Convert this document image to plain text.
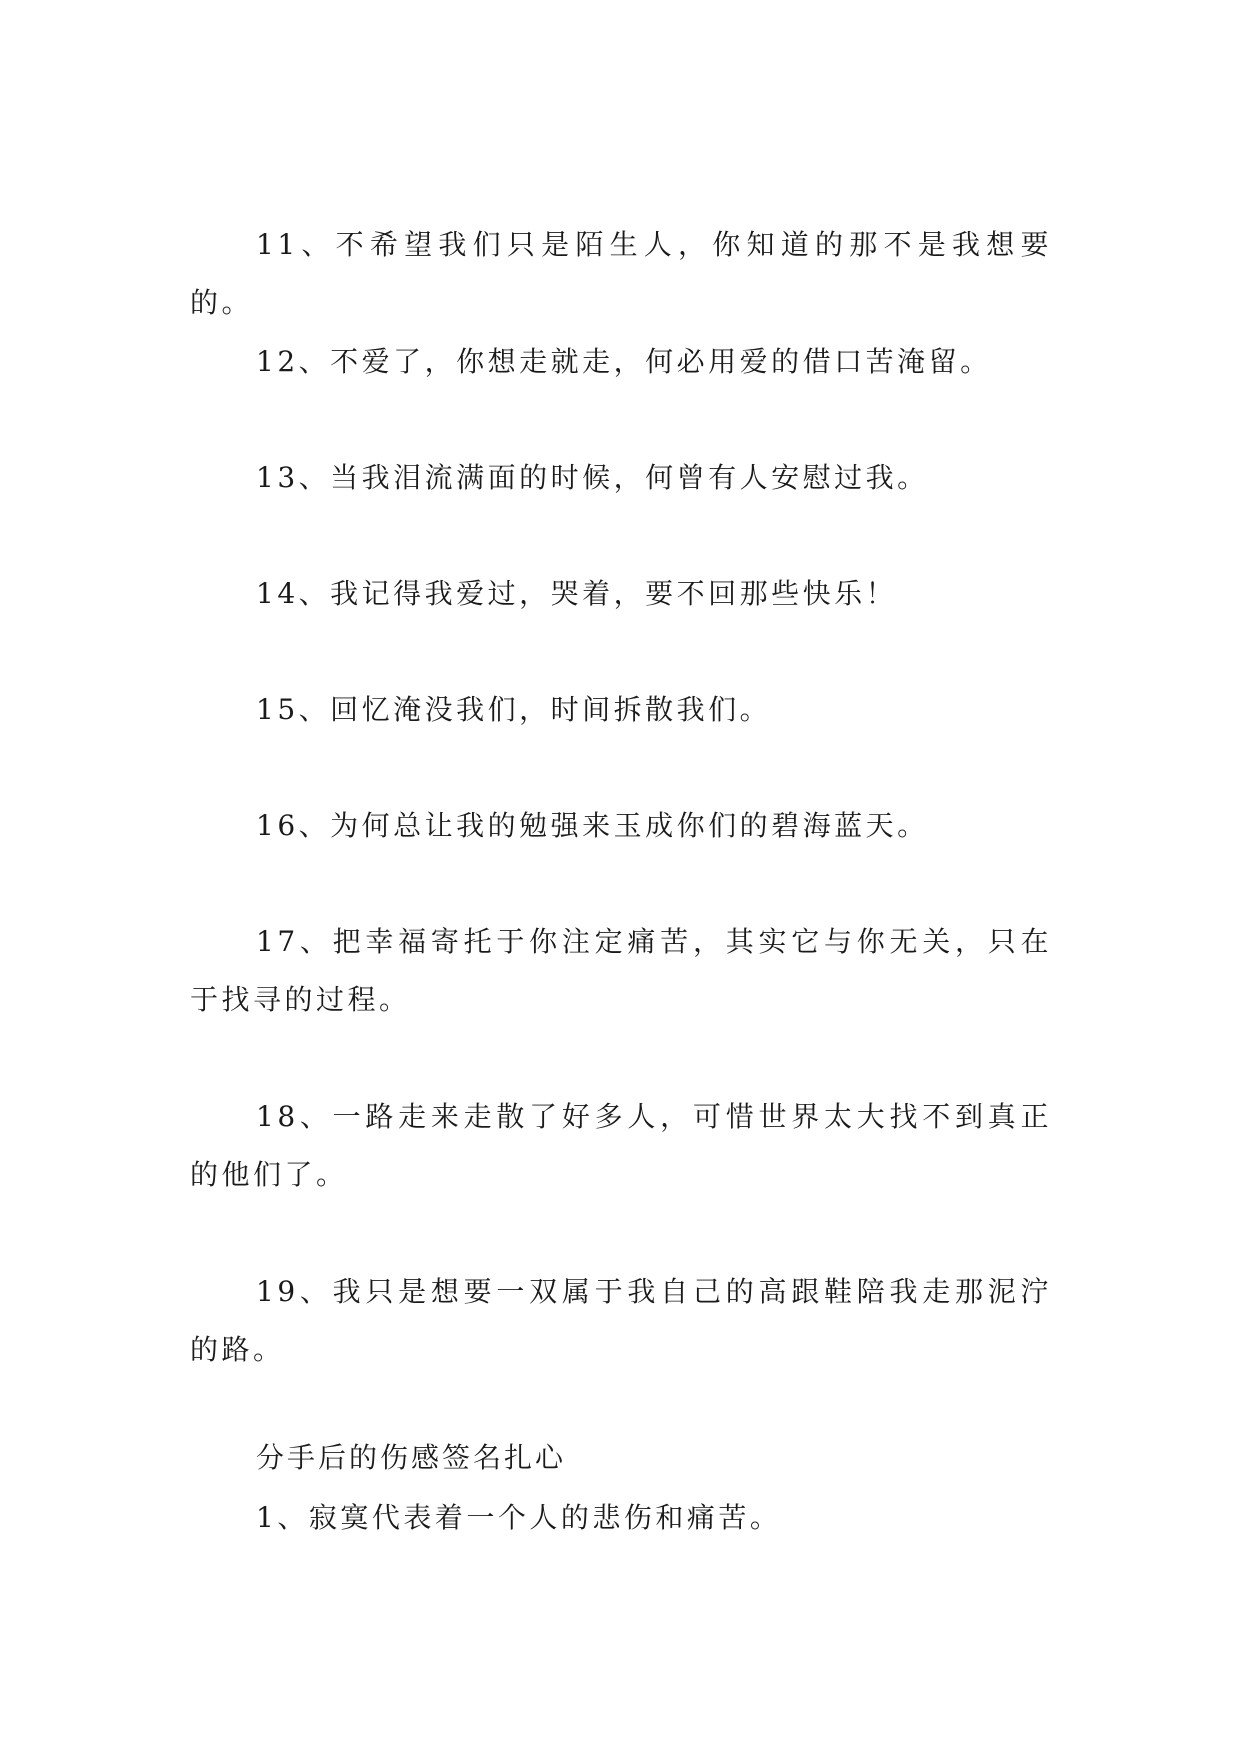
11、不希望我们只是陌生人，你知道的那不是我想要的。

12、不爱了，你想走就走，何必用爱的借口苦淹留。

13、当我泪流满面的时候，何曾有人安慰过我。

14、我记得我爱过，哭着，要不回那些快乐！

15、回忆淹没我们，时间拆散我们。

16、为何总让我的勉强来玉成你们的碧海蓝天。

17、把幸福寄托于你注定痛苦，其实它与你无关，只在于找寻的过程。

18、一路走来走散了好多人，可惜世界太大找不到真正的他们了。

19、我只是想要一双属于我自己的高跟鞋陪我走那泥泞的路。

分手后的伤感签名扎心

1、寂寞代表着一个人的悲伤和痛苦。
